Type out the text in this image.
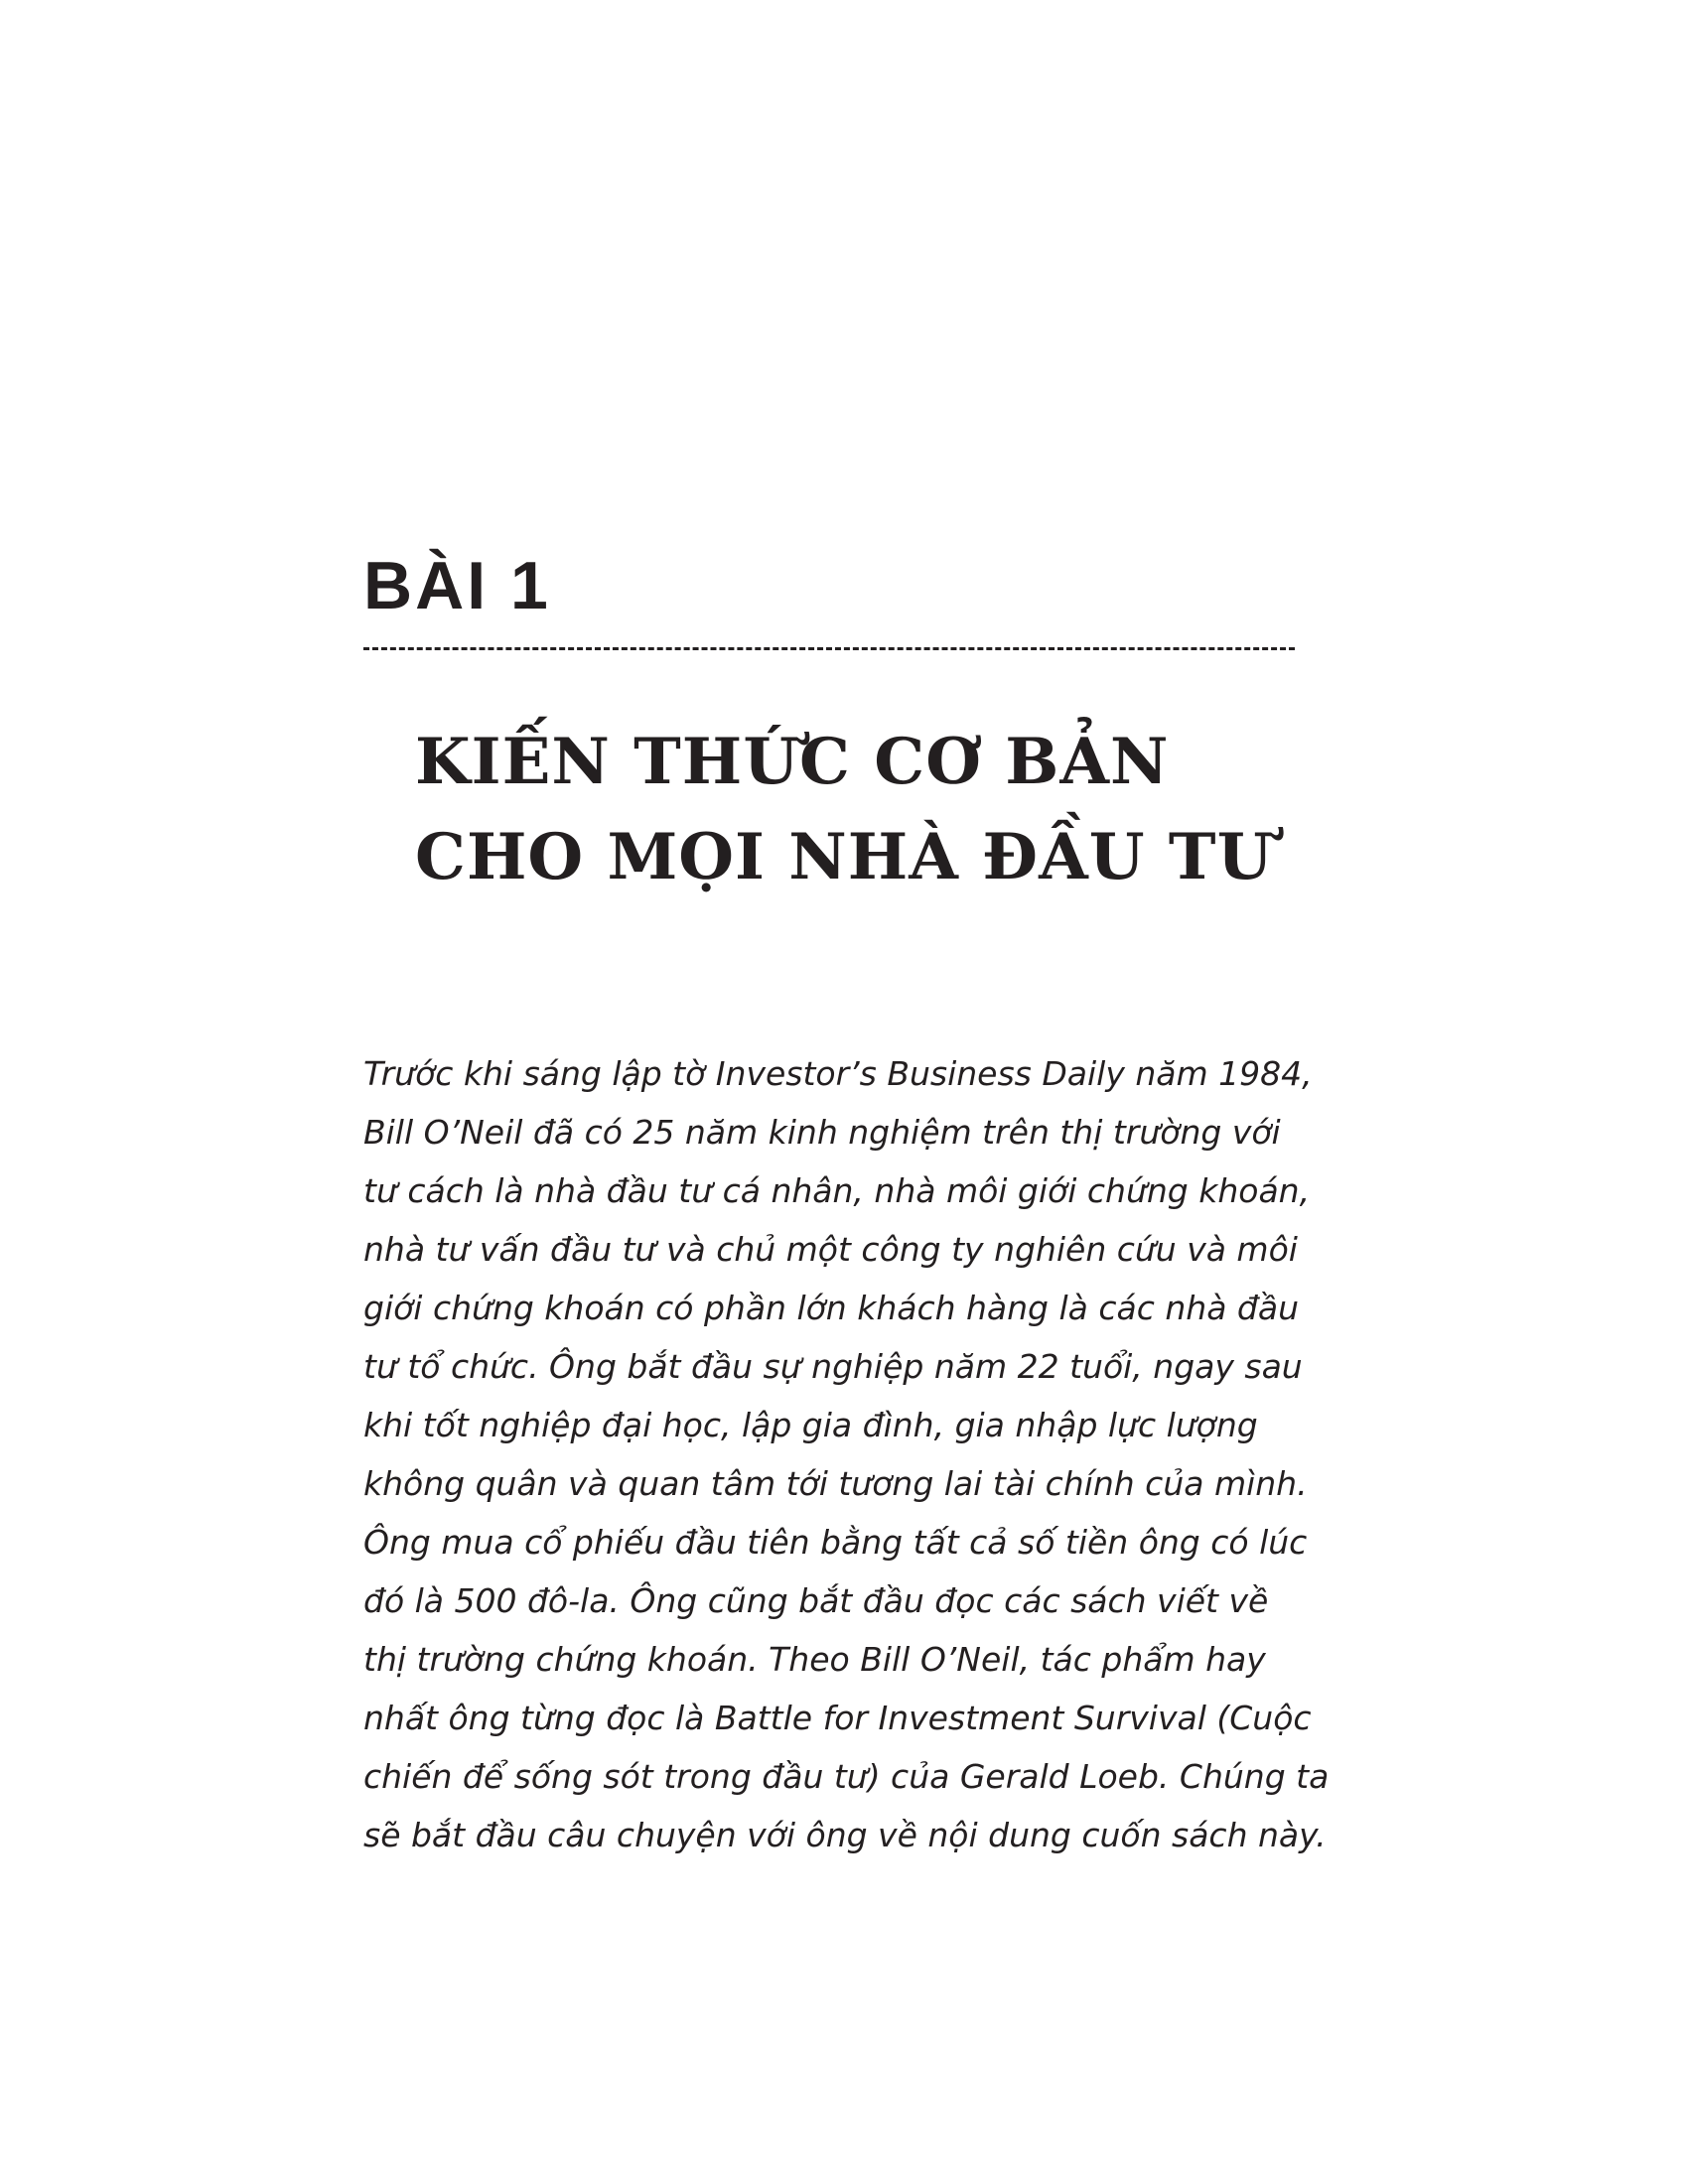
BÀI 1
KIẾN THỨC CƠ BẢN
CHO MỌI NHÀ ĐẦU TƯ
Trước khi sáng lập tờ Investor’s Business Daily năm 1984,
Bill O’Neil đã có 25 năm kinh nghiệm trên thị trường với
tư cách là nhà đầu tư cá nhân, nhà môi giới chứng khoán,
nhà tư vấn đầu tư và chủ một công ty nghiên cứu và môi
giới chứng khoán có phần lớn khách hàng là các nhà đầu
tư tổ chức. Ông bắt đầu sự nghiệp năm 22 tuổi, ngay sau
khi tốt nghiệp đại học, lập gia đình, gia nhập lực lượng
không quân và quan tâm tới tương lai tài chính của mình.
Ông mua cổ phiếu đầu tiên bằng tất cả số tiền ông có lúc
đó là 500 đô-la. Ông cũng bắt đầu đọc các sách viết về
thị trường chứng khoán. Theo Bill O’Neil, tác phẩm hay
nhất ông từng đọc là Battle for Investment Survival (Cuộc
chiến để sống sót trong đầu tư) của Gerald Loeb. Chúng ta
sẽ bắt đầu câu chuyện với ông về nội dung cuốn sách này.
